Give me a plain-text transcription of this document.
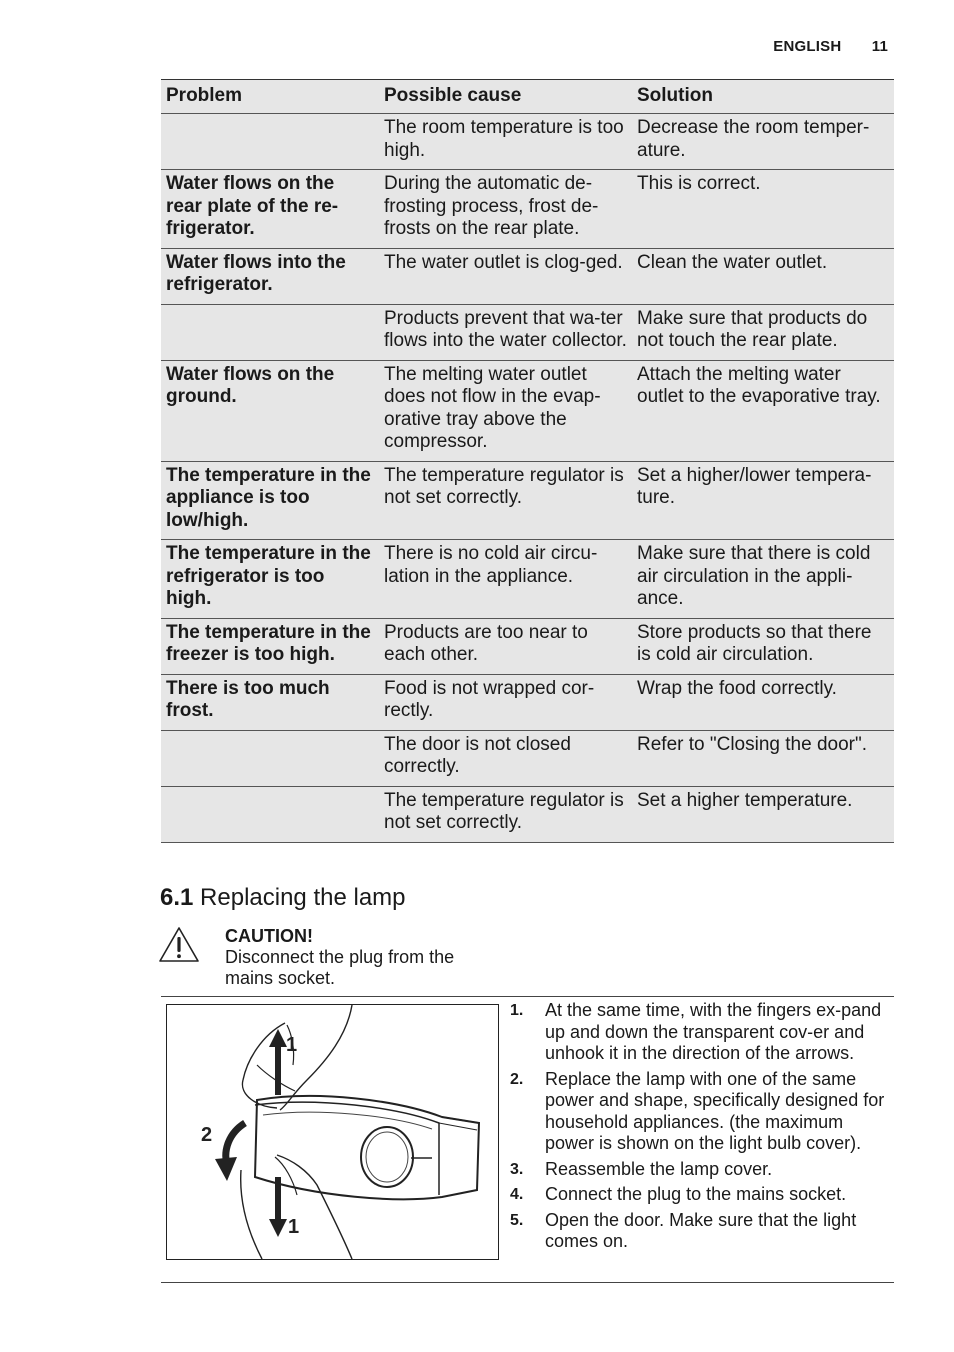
ENGLISH 11
Problem	Possible cause	Solution
	The room temperature is too high.	Decrease the room temper-ature.
Water flows on the rear plate of the re-frigerator.	During the automatic de-frosting process, frost de-frosts on the rear plate.	This is correct.
Water flows into the refrigerator.	The water outlet is clog-ged.	Clean the water outlet.
	Products prevent that wa-ter flows into the water collector.	Make sure that products do not touch the rear plate.
Water flows on the ground.	The melting water outlet does not flow in the evap-orative tray above the compressor.	Attach the melting water outlet to the evaporative tray.
The temperature in the appliance is too low/high.	The temperature regulator is not set correctly.	Set a higher/lower tempera-ture.
The temperature in the refrigerator is too high.	There is no cold air circu-lation in the appliance.	Make sure that there is cold air circulation in the appli-ance.
The temperature in the freezer is too high.	Products are too near to each other.	Store products so that there is cold air circulation.
There is too much frost.	Food is not wrapped cor-rectly.	Wrap the food correctly.
	The door is not closed correctly.	Refer to "Closing the door".
	The temperature regulator is not set correctly.	Set a higher temperature.
6.1 Replacing the lamp
CAUTION!
Disconnect the plug from the
mains socket.
1
2
1
1. At the same time, with the fingers ex-pand up and down the transparent cov-er and unhook it in the direction of the arrows.
2. Replace the lamp with one of the same power and shape, specifically designed for household appliances. (the maximum power is shown on the light bulb cover).
3. Reassemble the lamp cover.
4. Connect the plug to the mains socket.
5. Open the door. Make sure that the light comes on.
